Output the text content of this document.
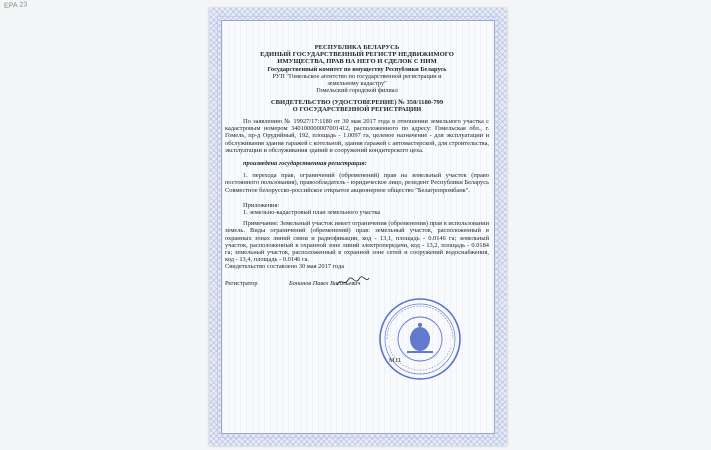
ЕРА 23
РЕСПУБЛИКА БЕЛАРУСЬ
ЕДИНЫЙ ГОСУДАРСТВЕННЫЙ РЕГИСТР НЕДВИЖИМОГО
ИМУЩЕСТВА, ПРАВ НА НЕГО И СДЕЛОК С НИМ
Государственный комитет по имуществу Республики Беларусь
РУП "Гомельское агентство по государственной регистрации и
земельному кадастру"
Гомельский городской филиал
СВИДЕТЕЛЬСТВО (УДОСТОВЕРЕНИЕ) № 350/1180-799
О ГОСУДАРСТВЕННОЙ РЕГИСТРАЦИИ

По заявлению № 19927/17:1180 от 30 мая 2017 года в отношении земельного участка с кадастровым номером 340100000007001412, расположенного по адресу: Гомельская обл., г. Гомель, пр-д Оруднйный, 192, площадь - 1.0097 га, целевое назначение - для эксплуатации и обслуживания здания гаражей с котельной, здания гаражей с автомастерской, для строительства, эксплуатации и обслуживания зданий и сооружений кондитерского цеха.

произведена государственная регистрация:

1. перехода прав, ограничений (обременений) прав на земельный участок (право постоянного пользования), правообладатель - юридическое лицо, резидент Республики Беларусь Совместное белорусско-российское открытое акционерное общество "Белагропромбанк".

Приложения:

1. земельно-кадастровый план земельного участка

Примечание: Земельный участок имеет ограничения (обременения) прав в использовании земель. Виды ограничений (обременений) прав: земельный участок, расположенный в охранных зонах линий связи и радиофикации, код - 13,1, площадь - 0.0146 га; земельный участок, расположенный в охранной зоне линий электропередачи, код - 13,2, площадь - 0.0184 га; земельный участок, расположенный в охранной зоне сетей и сооружений водоснабжения, код - 13,4, площадь - 0.0146 га.

Свидетельство составлено 30 мая 2017 года

Регистратор	Бонинов Павел Васильевич
М.П.
